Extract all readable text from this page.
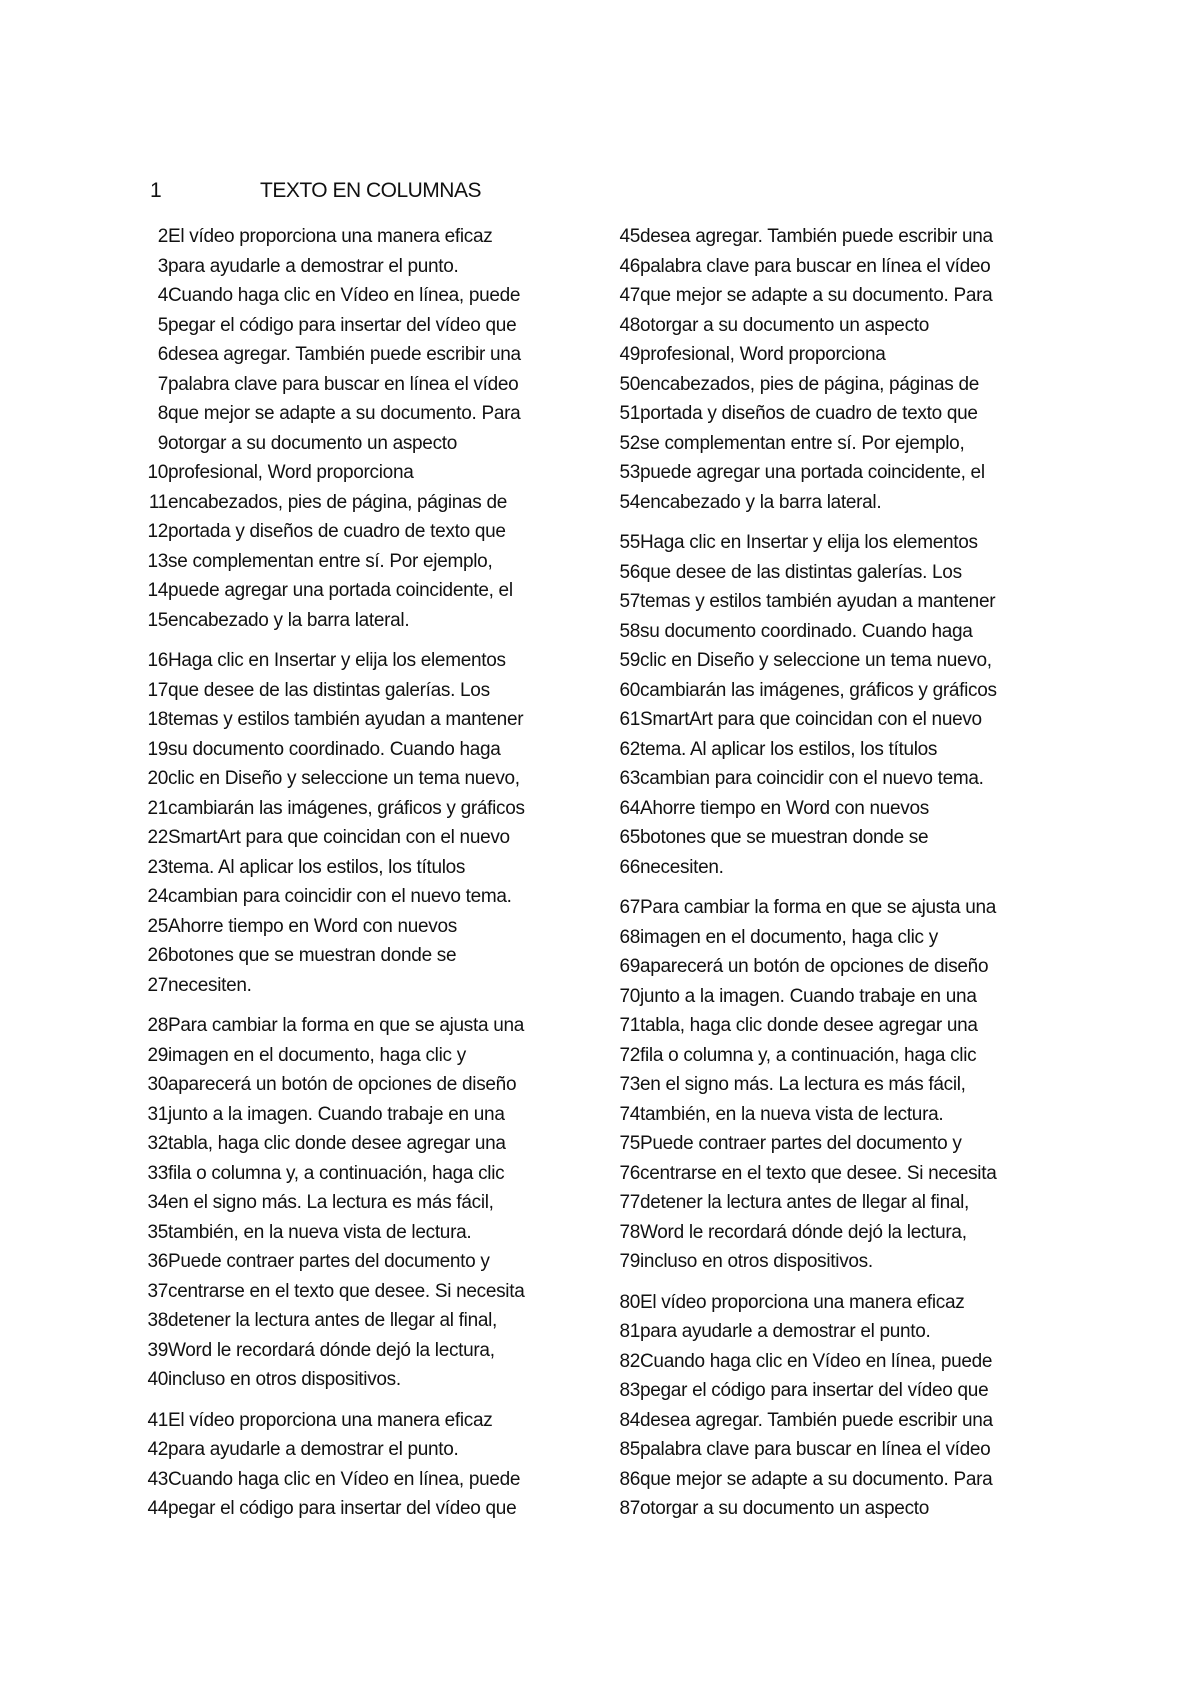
1	TEXTO EN COLUMNAS
2 El vídeo proporciona una manera eficaz
3 para ayudarle a demostrar el punto.
4 Cuando haga clic en Vídeo en línea, puede
5 pegar el código para insertar del vídeo que
6 desea agregar. También puede escribir una
7 palabra clave para buscar en línea el vídeo
8 que mejor se adapte a su documento. Para
9 otorgar a su documento un aspecto
10 profesional, Word proporciona
11 encabezados, pies de página, páginas de
12 portada y diseños de cuadro de texto que
13 se complementan entre sí. Por ejemplo,
14 puede agregar una portada coincidente, el
15 encabezado y la barra lateral.
16 Haga clic en Insertar y elija los elementos
17 que desee de las distintas galerías. Los
18 temas y estilos también ayudan a mantener
19 su documento coordinado. Cuando haga
20 clic en Diseño y seleccione un tema nuevo,
21 cambiarán las imágenes, gráficos y gráficos
22 SmartArt para que coincidan con el nuevo
23 tema. Al aplicar los estilos, los títulos
24 cambian para coincidir con el nuevo tema.
25 Ahorre tiempo en Word con nuevos
26 botones que se muestran donde se
27 necesiten.
28 Para cambiar la forma en que se ajusta una
29 imagen en el documento, haga clic y
30 aparecerá un botón de opciones de diseño
31 junto a la imagen. Cuando trabaje en una
32 tabla, haga clic donde desee agregar una
33 fila o columna y, a continuación, haga clic
34 en el signo más. La lectura es más fácil,
35 también, en la nueva vista de lectura.
36 Puede contraer partes del documento y
37 centrarse en el texto que desee. Si necesita
38 detener la lectura antes de llegar al final,
39 Word le recordará dónde dejó la lectura,
40 incluso en otros dispositivos.
41 El vídeo proporciona una manera eficaz
42 para ayudarle a demostrar el punto.
43 Cuando haga clic en Vídeo en línea, puede
44 pegar el código para insertar del vídeo que
45 desea agregar. También puede escribir una
46 palabra clave para buscar en línea el vídeo
47 que mejor se adapte a su documento. Para
48 otorgar a su documento un aspecto
49 profesional, Word proporciona
50 encabezados, pies de página, páginas de
51 portada y diseños de cuadro de texto que
52 se complementan entre sí. Por ejemplo,
53 puede agregar una portada coincidente, el
54 encabezado y la barra lateral.
55 Haga clic en Insertar y elija los elementos
56 que desee de las distintas galerías. Los
57 temas y estilos también ayudan a mantener
58 su documento coordinado. Cuando haga
59 clic en Diseño y seleccione un tema nuevo,
60 cambiarán las imágenes, gráficos y gráficos
61 SmartArt para que coincidan con el nuevo
62 tema. Al aplicar los estilos, los títulos
63 cambian para coincidir con el nuevo tema.
64 Ahorre tiempo en Word con nuevos
65 botones que se muestran donde se
66 necesiten.
67 Para cambiar la forma en que se ajusta una
68 imagen en el documento, haga clic y
69 aparecerá un botón de opciones de diseño
70 junto a la imagen. Cuando trabaje en una
71 tabla, haga clic donde desee agregar una
72 fila o columna y, a continuación, haga clic
73 en el signo más. La lectura es más fácil,
74 también, en la nueva vista de lectura.
75 Puede contraer partes del documento y
76 centrarse en el texto que desee. Si necesita
77 detener la lectura antes de llegar al final,
78 Word le recordará dónde dejó la lectura,
79 incluso en otros dispositivos.
80 El vídeo proporciona una manera eficaz
81 para ayudarle a demostrar el punto.
82 Cuando haga clic en Vídeo en línea, puede
83 pegar el código para insertar del vídeo que
84 desea agregar. También puede escribir una
85 palabra clave para buscar en línea el vídeo
86 que mejor se adapte a su documento. Para
87 otorgar a su documento un aspecto
